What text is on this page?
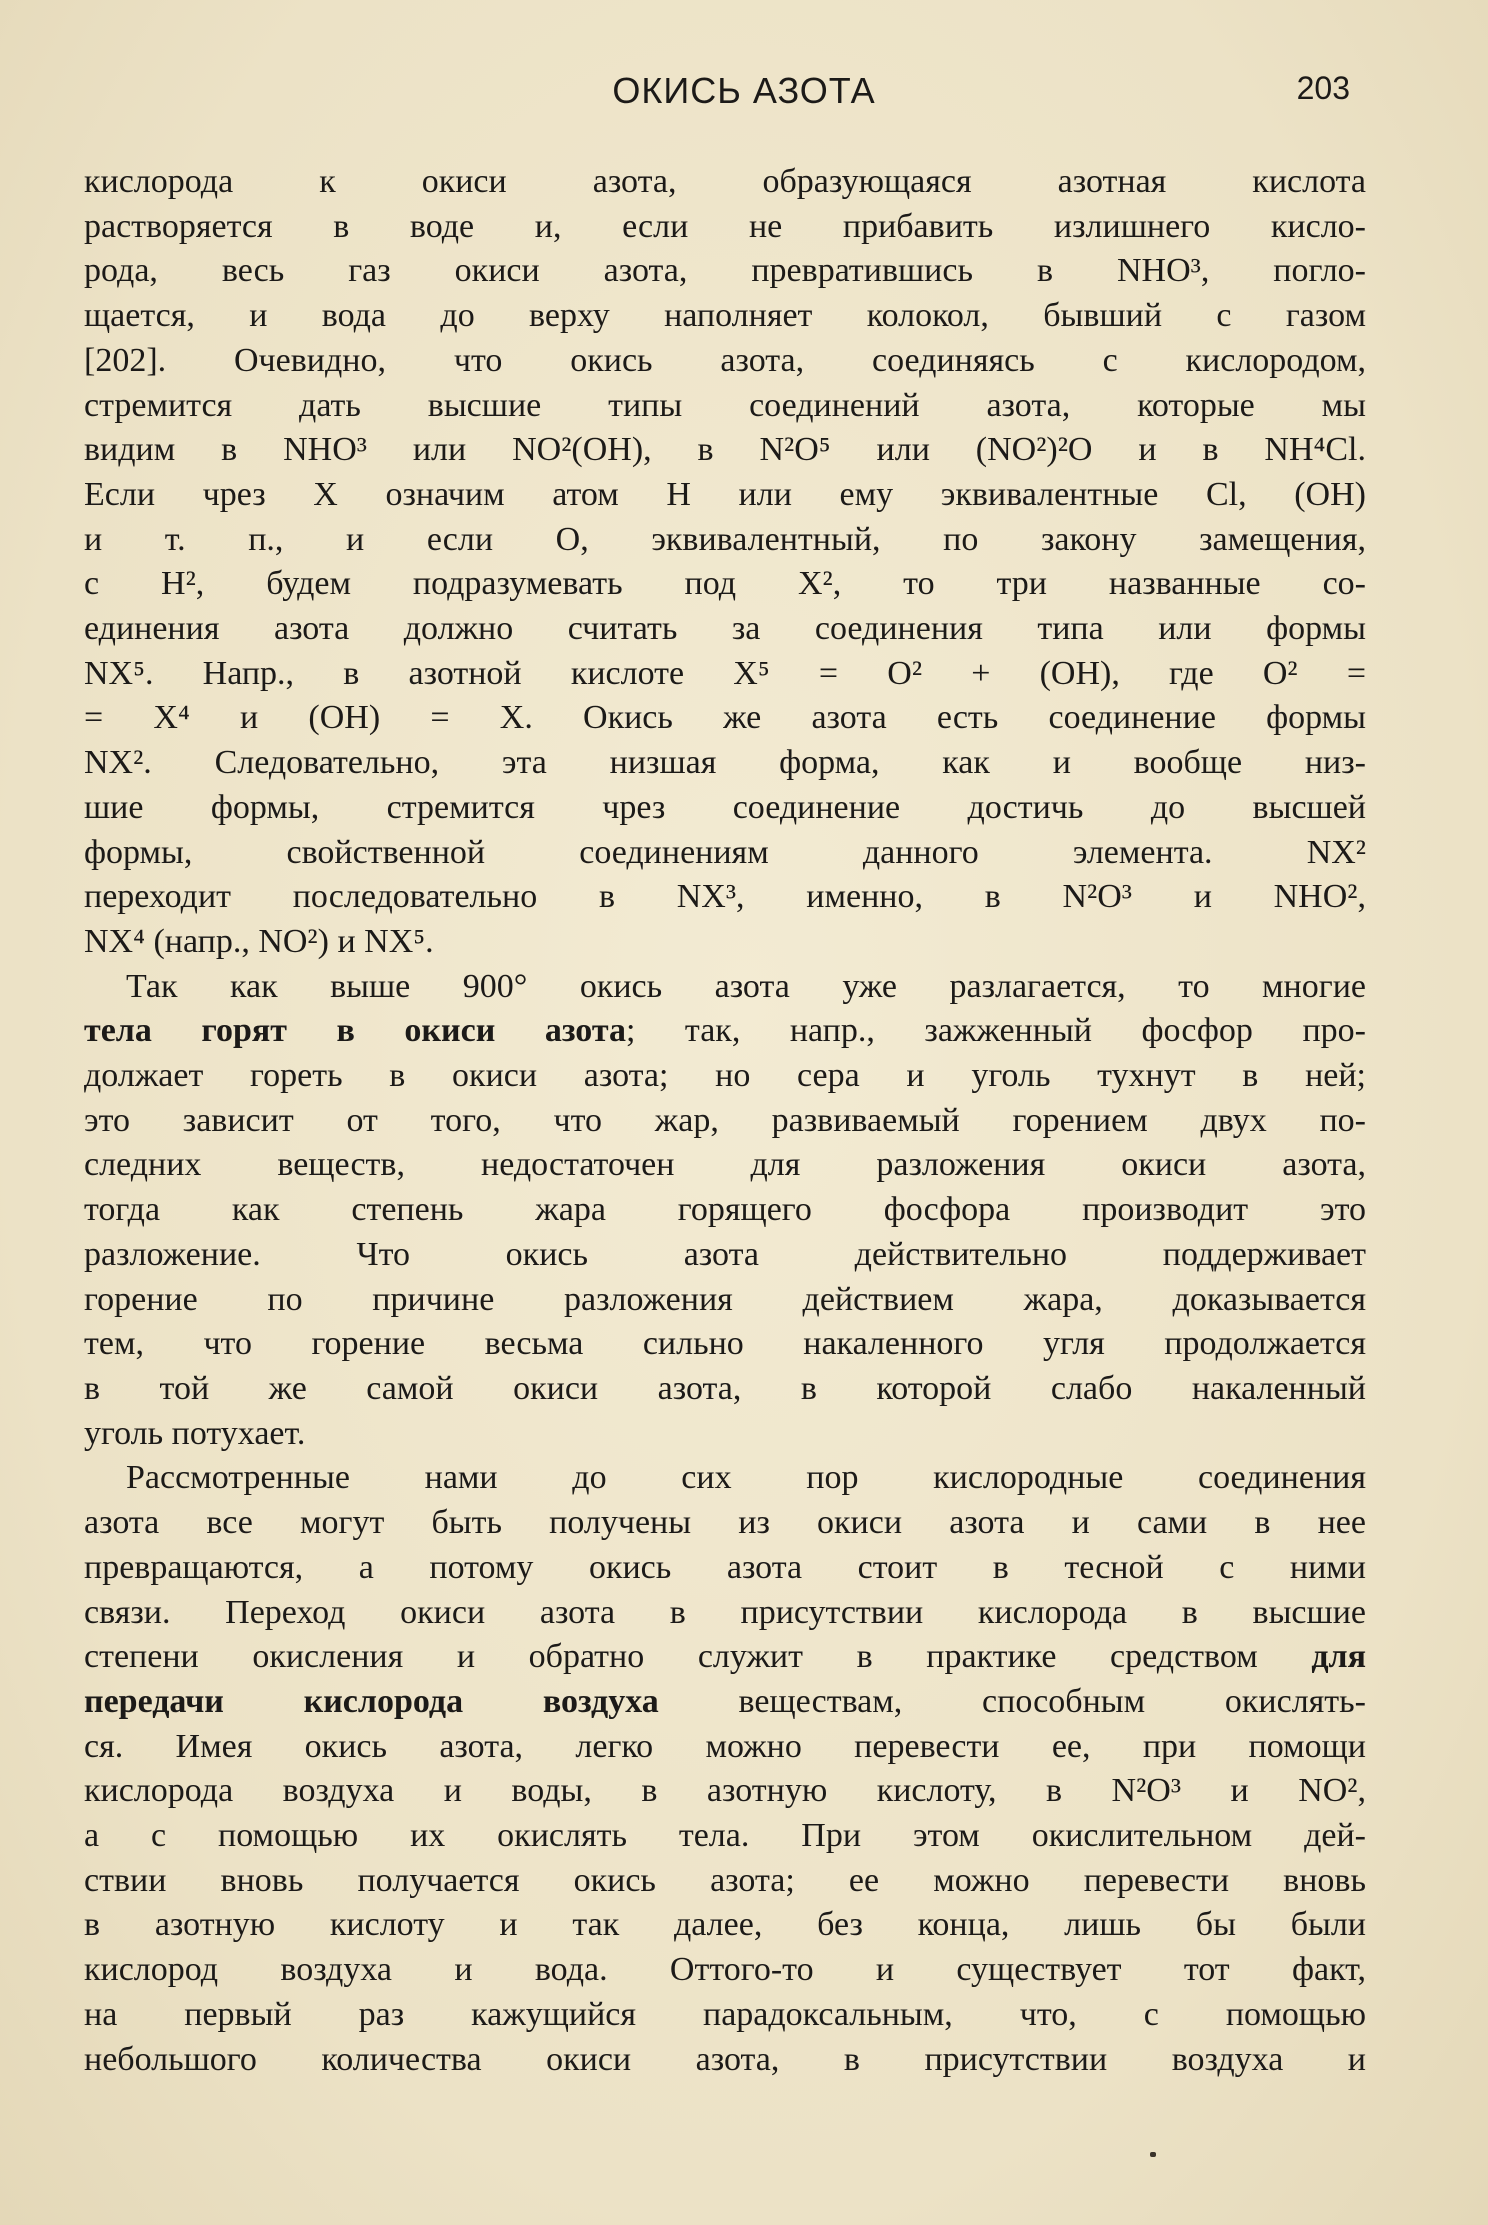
ОКИСЬ АЗОТА	203
кислорода к окиси азота, образующаяся азотная кислота
растворяется в воде и, если не прибавить излишнего кисло-
рода, весь газ окиси азота, превратившись в NHO³, погло-
щается, и вода до верху наполняет колокол, бывший с газом
[202]. Очевидно, что окись азота, соединяясь с кислородом,
стремится дать высшие типы соединений азота, которые мы
видим в NHO³ или NO²(OH), в N²O⁵ или (NO²)²O и в NH⁴Cl.
Если чрез X означим атом H или ему эквивалентные Cl, (OH)
и т. п., и если O, эквивалентный, по закону замещения,
с H², будем подразумевать под X², то три названные со-
единения азота должно считать за соединения типа или формы
NX⁵. Напр., в азотной кислоте X⁵ = O² + (OH), где O² =
= X⁴ и (OH) = X. Окись же азота есть соединение формы
NX². Следовательно, эта низшая форма, как и вообще низ-
шие формы, стремится чрез соединение достичь до высшей
формы, свойственной соединениям данного элемента. NX²
переходит последовательно в NX³, именно, в N²O³ и NHO²,
NX⁴ (напр., NO²) и NX⁵.
Так как выше 900° окись азота уже разлагается, то многие
тела горят в окиси азота; так, напр., зажженный фосфор про-
должает гореть в окиси азота; но сера и уголь тухнут в ней;
это зависит от того, что жар, развиваемый горением двух по-
следних веществ, недостаточен для разложения окиси азота,
тогда как степень жара горящего фосфора производит это
разложение. Что окись азота действительно поддерживает
горение по причине разложения действием жара, доказывается
тем, что горение весьма сильно накаленного угля продолжается
в той же самой окиси азота, в которой слабо накаленный
уголь потухает.
Рассмотренные нами до сих пор кислородные соединения
азота все могут быть получены из окиси азота и сами в нее
превращаются, а потому окись азота стоит в тесной с ними
связи. Переход окиси азота в присутствии кислорода в высшие
степени окисления и обратно служит в практике средством для
передачи кислорода воздуха веществам, способным окислять-
ся. Имея окись азота, легко можно перевести ее, при помощи
кислорода воздуха и воды, в азотную кислоту, в N²O³ и NO²,
а с помощью их окислять тела. При этом окислительном дей-
ствии вновь получается окись азота; ее можно перевести вновь
в азотную кислоту и так далее, без конца, лишь бы были
кислород воздуха и вода. Оттого-то и существует тот факт,
на первый раз кажущийся парадоксальным, что, с помощью
небольшого количества окиси азота, в присутствии воздуха и
